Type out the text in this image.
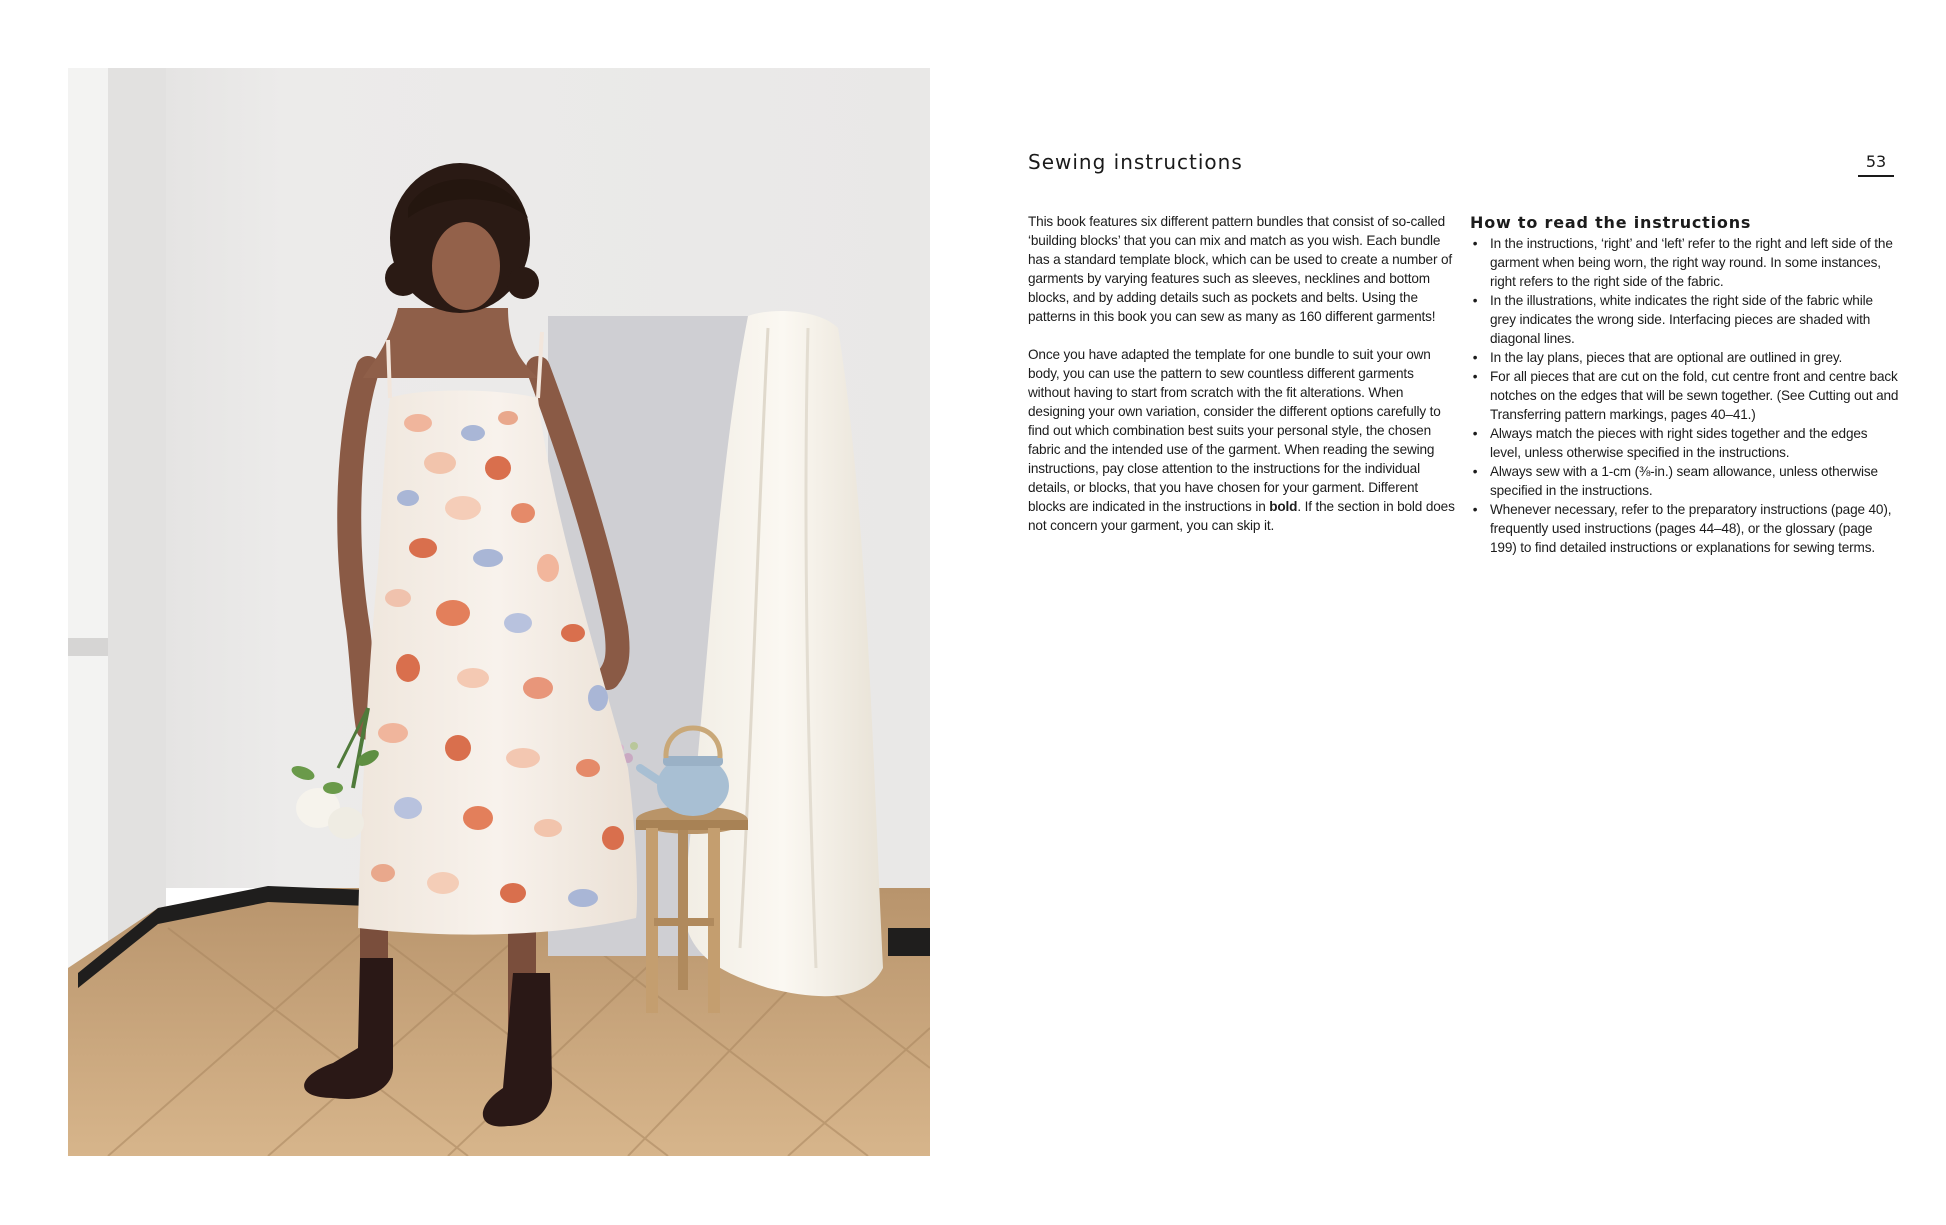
Sewing instructions	53

This book features six different pattern bundles that consist of so-called ‘building blocks’ that you can mix and match as you wish. Each bundle has a standard template block, which can be used to create a number of garments by varying features such as sleeves, necklines and bottom blocks, and by adding details such as pockets and belts. Using the patterns in this book you can sew as many as 160 different garments!

Once you have adapted the template for one bundle to suit your own body, you can use the pattern to sew countless different garments without having to start from scratch with the fit alterations. When designing your own variation, consider the different options carefully to find out which combination best suits your personal style, the chosen fabric and the intended use of the garment. When reading the sewing instructions, pay close attention to the instructions for the individual details, or blocks, that you have chosen for your garment. Different blocks are indicated in the instructions in bold. If the section in bold does not concern your garment, you can skip it.

How to read the instructions
• In the instructions, ‘right’ and ‘left’ refer to the right and left side of the garment when being worn, the right way round. In some instances, right refers to the right side of the fabric.
• In the illustrations, white indicates the right side of the fabric while grey indicates the wrong side. Interfacing pieces are shaded with diagonal lines.
• In the lay plans, pieces that are optional are outlined in grey.
• For all pieces that are cut on the fold, cut centre front and centre back notches on the edges that will be sewn together. (See Cutting out and Transferring pattern markings, pages 40–41.)
• Always match the pieces with right sides together and the edges level, unless otherwise specified in the instructions.
• Always sew with a 1-cm (⅜-in.) seam allowance, unless otherwise specified in the instructions.
• Whenever necessary, refer to the preparatory instructions (page 40), frequently used instructions (pages 44–48), or the glossary (page 199) to find detailed instructions or explanations for sewing terms.
